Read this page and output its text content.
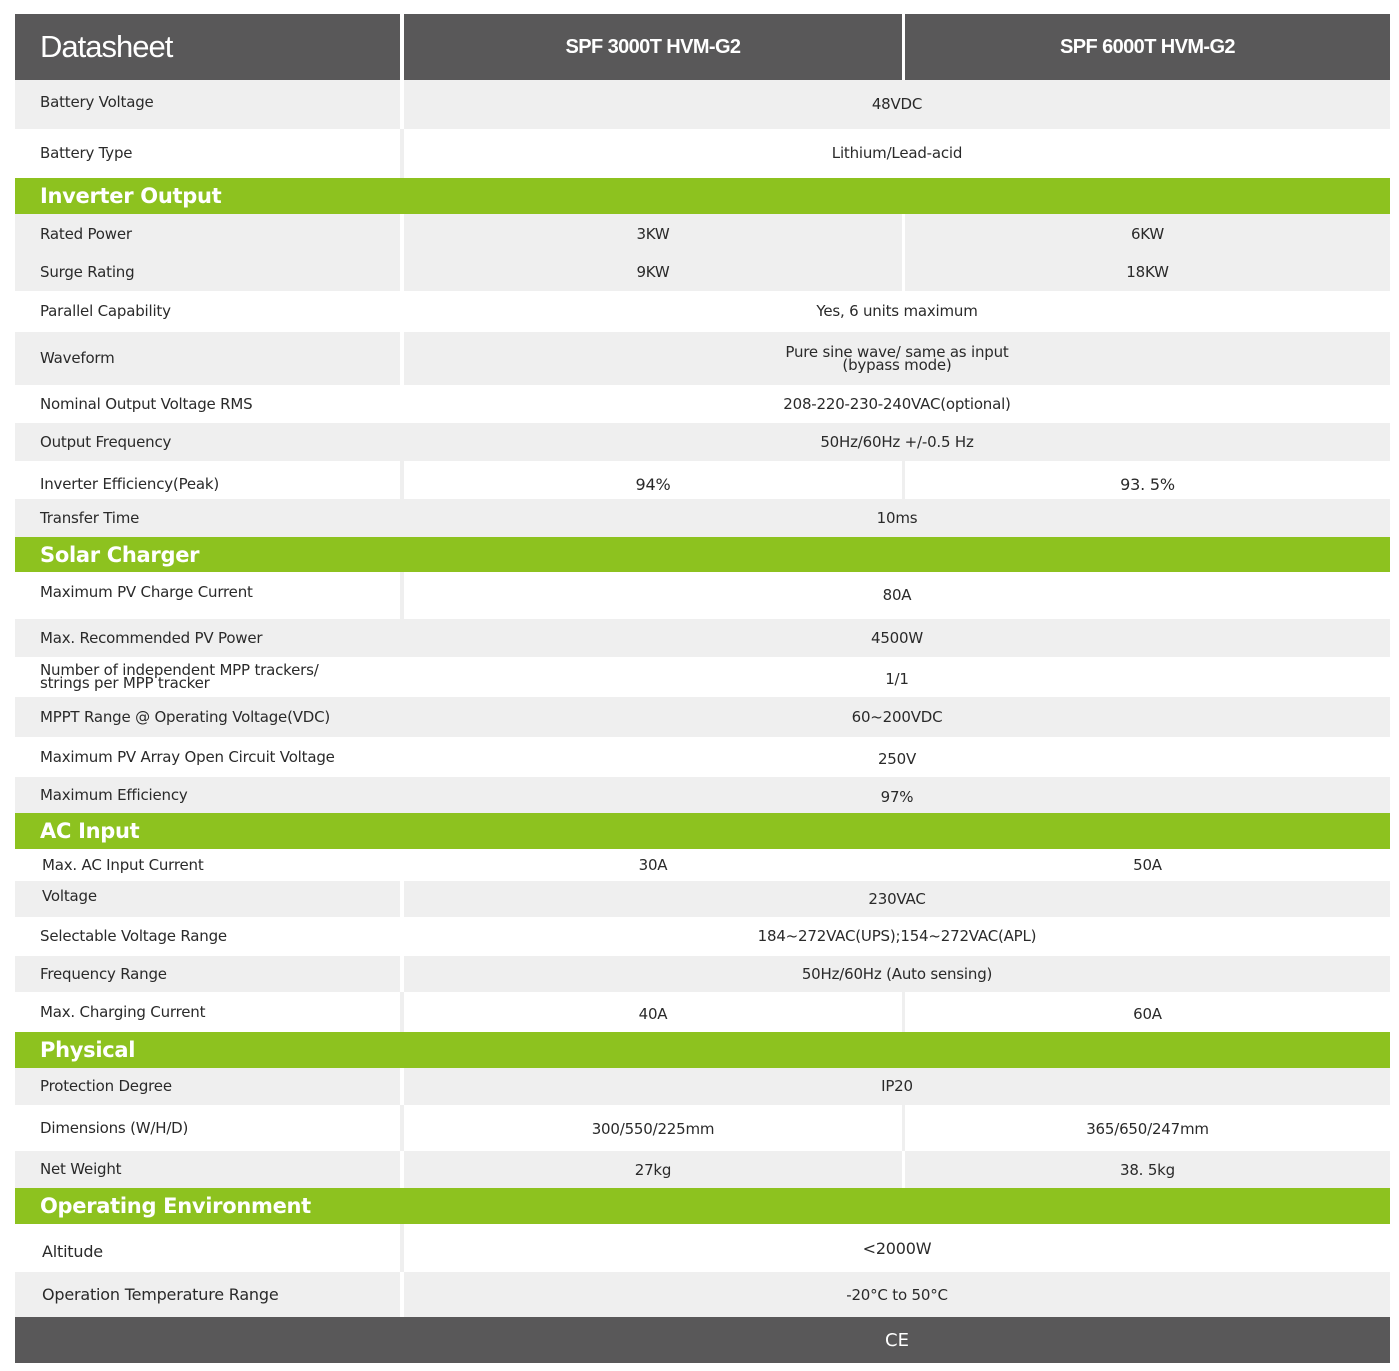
Datasheet	SPF 3000T HVM-G2	SPF 6000T HVM-G2
Battery Voltage	48VDC
Battery Type	Lithium/Lead-acid
Inverter Output
Rated Power	3KW	6KW
Surge Rating	9KW	18KW
Parallel Capability	Yes, 6 units maximum
Waveform	Pure sine wave/ same as input
(bypass mode)
Nominal Output Voltage RMS	208-220-230-240VAC(optional)
Output Frequency	50Hz/60Hz +/-0.5 Hz
Inverter Efficiency(Peak)	94%	93. 5%
Transfer Time	10ms
Solar Charger
Maximum PV Charge Current	80A
Max. Recommended PV Power	4500W
Number of independent MPP trackers/
strings per MPP tracker	1/1
MPPT Range @ Operating Voltage(VDC)	60~200VDC
Maximum PV Array Open Circuit Voltage	250V
Maximum Efficiency	97%
AC Input
Max. AC Input Current	30A	50A
Voltage	230VAC
Selectable Voltage Range	184~272VAC(UPS);154~272VAC(APL)
Frequency Range	50Hz/60Hz (Auto sensing)
Max. Charging Current	40A	60A
Physical
Protection Degree	IP20
Dimensions (W/H/D)	300/550/225mm	365/650/247mm
Net Weight	27kg	38. 5kg
Operating Environment
Altitude	<2000W
Operation Temperature Range	-20°C to 50°C
CE
